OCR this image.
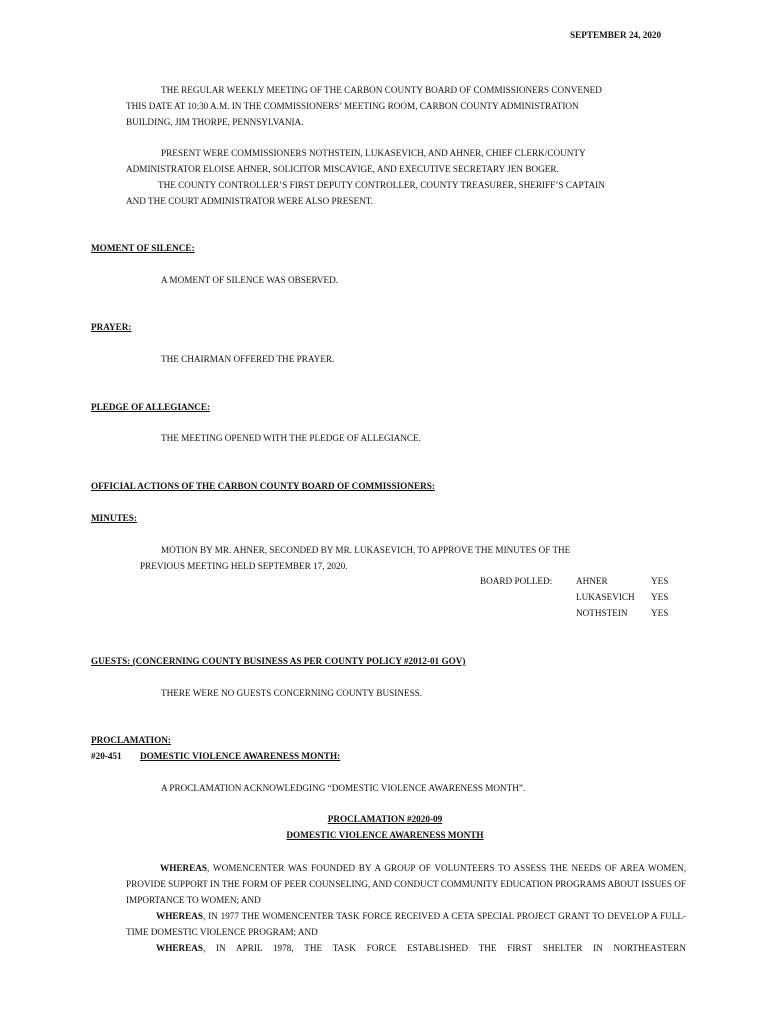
SEPTEMBER 24, 2020
THE REGULAR WEEKLY MEETING OF THE CARBON COUNTY BOARD OF COMMISSIONERS CONVENED
THIS DATE AT 10:30 A.M. IN THE COMMISSIONERS’ MEETING ROOM, CARBON COUNTY ADMINISTRATION
BUILDING, JIM THORPE, PENNSYLVANIA.
PRESENT WERE COMMISSIONERS NOTHSTEIN, LUKASEVICH, AND AHNER, CHIEF CLERK/COUNTY
ADMINISTRATOR ELOISE AHNER, SOLICITOR MISCAVIGE, AND EXECUTIVE SECRETARY JEN BOGER.
THE COUNTY CONTROLLER’S FIRST DEPUTY CONTROLLER, COUNTY TREASURER, SHERIFF’S CAPTAIN
AND THE COURT ADMINISTRATOR WERE ALSO PRESENT.
MOMENT OF SILENCE:
A MOMENT OF SILENCE WAS OBSERVED.
PRAYER:
THE CHAIRMAN OFFERED THE PRAYER.
PLEDGE OF ALLEGIANCE:
THE MEETING OPENED WITH THE PLEDGE OF ALLEGIANCE.
OFFICIAL ACTIONS OF THE CARBON COUNTY BOARD OF COMMISSIONERS:
MINUTES:
MOTION BY MR. AHNER, SECONDED BY MR. LUKASEVICH, TO APPROVE THE MINUTES OF THE
PREVIOUS MEETING HELD SEPTEMBER 17, 2020.
BOARD POLLED:	AHNER	YES
LUKASEVICH YES
NOTHSTEIN	YES
GUESTS: (CONCERNING COUNTY BUSINESS AS PER COUNTY POLICY #2012-01 GOV)
THERE WERE NO GUESTS CONCERNING COUNTY BUSINESS.
PROCLAMATION:
#20-451 DOMESTIC VIOLENCE AWARENESS MONTH:
A PROCLAMATION ACKNOWLEDGING “DOMESTIC VIOLENCE AWARENESS MONTH”.
PROCLAMATION #2020-09
DOMESTIC VIOLENCE AWARENESS MONTH
WHEREAS, WOMENCENTER WAS FOUNDED BY A GROUP OF VOLUNTEERS TO ASSESS THE NEEDS OF AREA WOMEN, PROVIDE SUPPORT IN THE FORM OF PEER COUNSELING, AND CONDUCT COMMUNITY EDUCATION PROGRAMS ABOUT ISSUES OF IMPORTANCE TO WOMEN; AND
WHEREAS, IN 1977 THE WOMENCENTER TASK FORCE RECEIVED A CETA SPECIAL PROJECT GRANT TO DEVELOP A FULL-TIME DOMESTIC VIOLENCE PROGRAM; AND
WHEREAS, IN APRIL 1978, THE TASK FORCE ESTABLISHED THE FIRST SHELTER IN NORTHEASTERN
